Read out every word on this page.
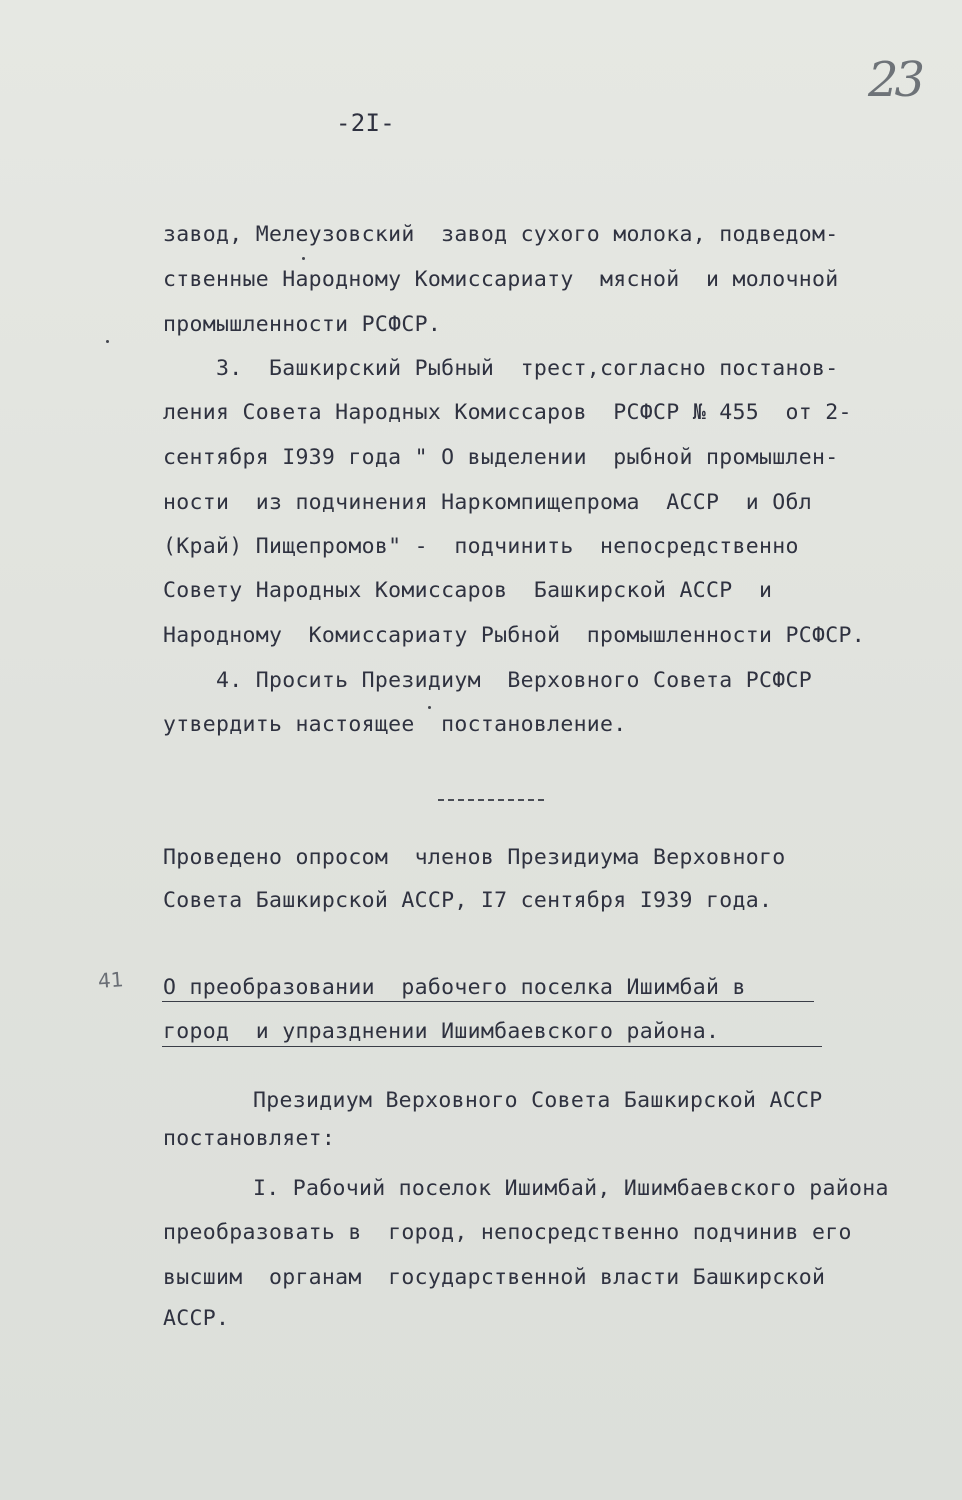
23

-2I-

завод, Мелеузовский  завод сухого молока, подведом-

ственные Народному Комиссариату  мясной  и молочной

промышленности РСФСР.

3.  Башкирский Рыбный  трест,согласно постанов-

ления Совета Народных Комиссаров  РСФСР № 455  от 2-

сентября I939 года " О выделении  рыбной промышлен-

ности  из подчинения Наркомпищепрома  АССР  и Обл

(Край) Пищепромов" -  подчинить  непосредственно

Совету Народных Комиссаров  Башкирской АССР  и

Народному  Комиссариату Рыбной  промышленности РСФСР.

4. Просить Президиум  Верховного Совета РСФСР

утвердить настоящее  постановление.

Проведено опросом  членов Президиума Верховного

Совета Башкирской АССР, I7 сентября I939 года.

41 О преобразовании  рабочего поселка Ишимбай в

город  и упразднении Ишимбаевского района.

Президиум Верховного Совета Башкирской АССР

постановляет:

I. Рабочий поселок Ишимбай, Ишимбаевского района

преобразовать в  город, непосредственно подчинив его

высшим  органам  государственной власти Башкирской

АССР.
